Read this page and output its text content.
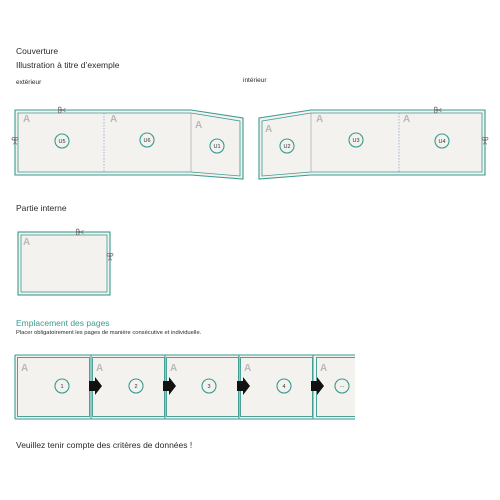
Couverture
Illustration à titre d’exemple
extérieur	intérieur
Partie interne
Emplacement des pages
Placer obligatoirement les pages de manière consécutive et individuelle.
Veuillez tenir compte des critères de données !
A	A
A
U5	U6
U1
A
A	A
U2
U3	U4
A
A
1
A
2
A
3
A
4
A
...
